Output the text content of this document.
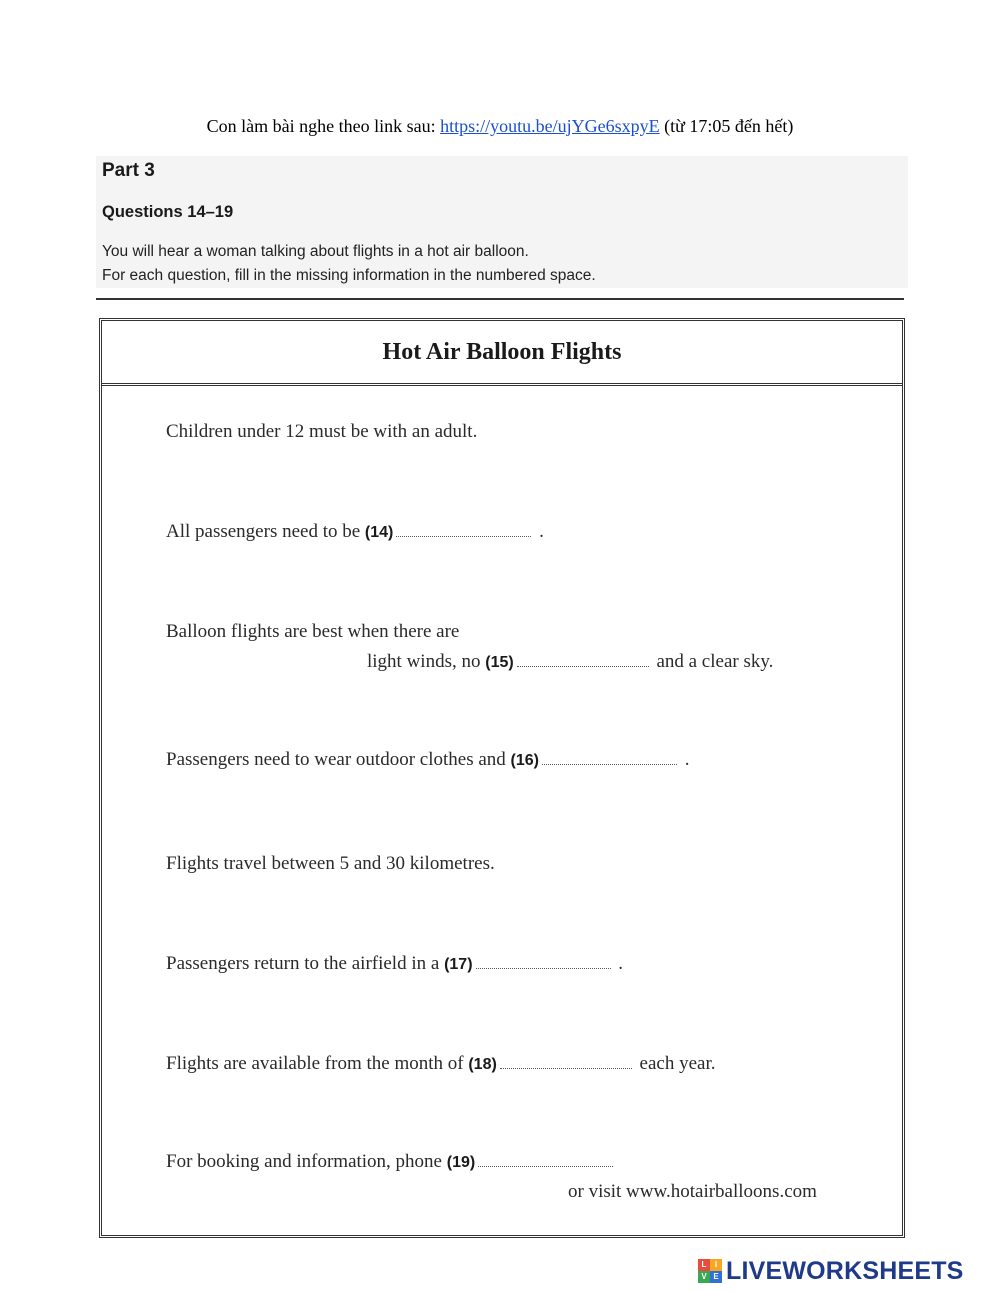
Con làm bài nghe theo link sau: https://youtu.be/ujYGe6sxpyE (từ 17:05 đến hết)
Part 3
Questions 14–19
You will hear a woman talking about flights in a hot air balloon.
For each question, fill in the missing information in the numbered space.
Hot Air Balloon Flights
Children under 12 must be with an adult.
All passengers need to be (14)	.
Balloon flights are best when there are
light winds, no (15)	and a clear sky.
Passengers need to wear outdoor clothes and (16)	.
Flights travel between 5 and 30 kilometres.
Passengers return to the airfield in a (17)	.
Flights are available from the month of (18)	each year.
For booking and information, phone (19)
or visit www.hotairballoons.com
L	I
V E LIVEWORKSHEETS
